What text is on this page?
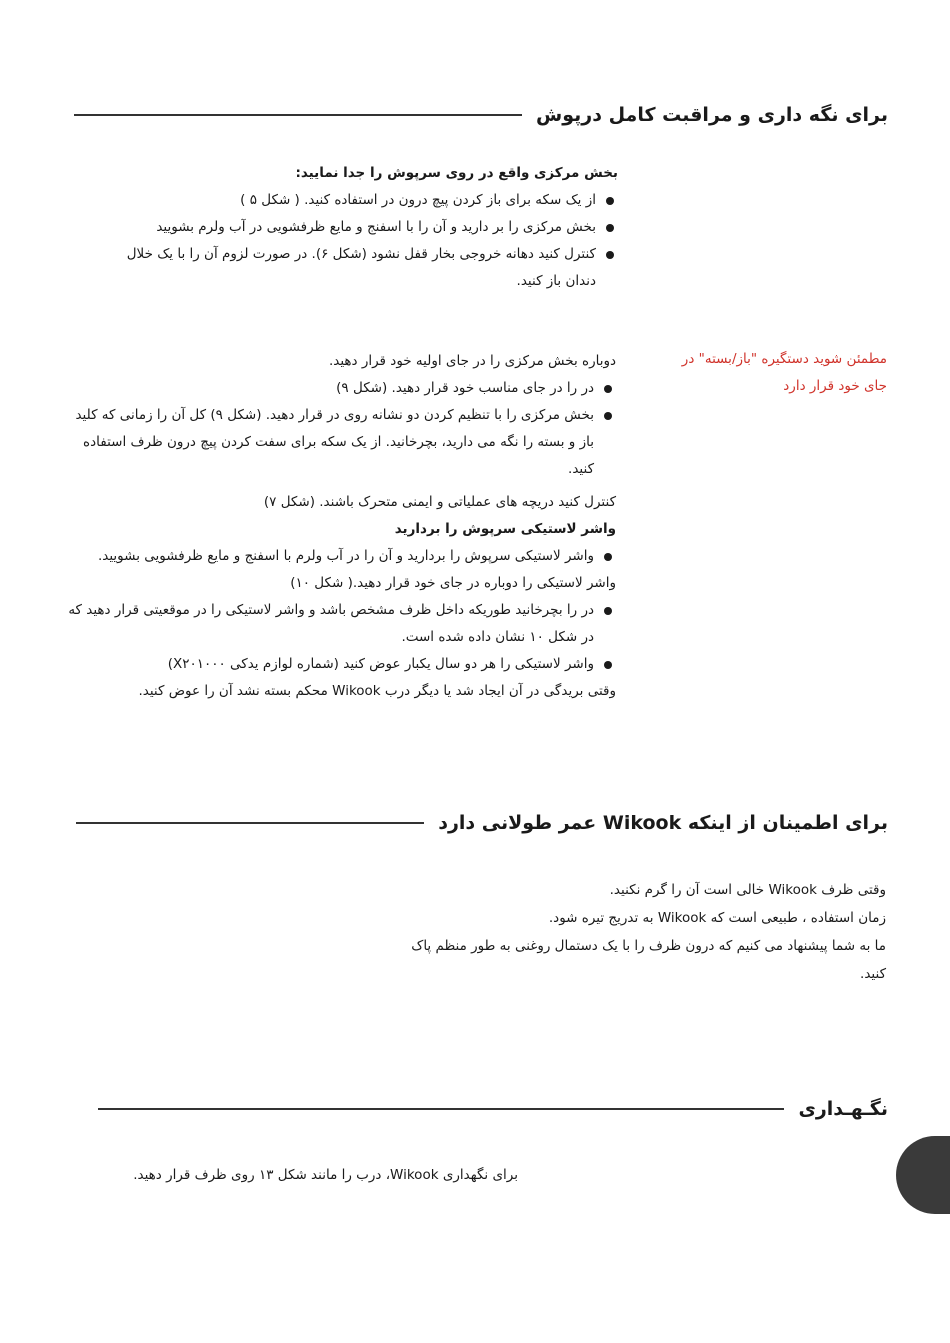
برای نگه داری و مراقبت کامل درپوش

بخش مرکزی واقع در روی سرپوش را جدا نمایید:

از یک سکه برای باز کردن پیچ درون در استفاده کنید. ( شکل ۵ )
بخش مرکزی را بر دارید و آن را با اسفنج و مایع ظرفشویی در آب ولرم بشویید
کنترل کنید دهانه خروجی بخار قفل نشود (شکل ۶). در صورت لزوم آن را با یک خلال دندان باز کنید.
مطمئن شوید دستگیره "باز/بسته" در جای خود قرار دارد

دوباره بخش مرکزی را در جای اولیه خود قرار دهید.

در را در جای مناسب خود قرار دهید. (شکل ۹)
بخش مرکزی را با تنظیم کردن دو نشانه روی در قرار دهید. (شکل ۹) کل آن را زمانی که کلید باز و بسته را نگه می دارید، بچرخانید. از یک سکه برای سفت کردن پیچ درون ظرف استفاده کنید.

کنترل کنید دریچه های عملیاتی و ایمنی متحرک باشند. (شکل ۷)

واشر لاستیکی سرپوش را بردارید

واشر لاستیکی سرپوش را بردارید و آن را در آب ولرم با اسفنج و مایع ظرفشویی بشویید.

واشر لاستیکی را دوباره در جای خود قرار دهید.( شکل ۱۰)

در را بچرخانید طوریکه داخل ظرف مشخص باشد و واشر لاستیکی را در موقعیتی قرار دهید که در شکل ۱۰ نشان داده شده است.
واشر لاستیکی را هر دو سال یکبار عوض کنید (شماره لوازم یدکی X۲۰۱۰۰۰)

وقتی بریدگی در آن ایجاد شد یا دیگر درب Wikook محکم بسته نشد آن را عوض کنید.

برای اطمینان از اینکه Wikook عمر طولانی دارد

وقتی ظرف Wikook خالی است آن را گرم نکنید.

زمان استفاده ، طبیعی است که Wikook به تدریج تیره شود.

ما به شما پیشنهاد می کنیم که درون ظرف را با یک دستمال روغنی به طور منظم پاک کنید.

نگـهـداری

برای نگهداری Wikook، درب را مانند شکل ۱۳ روی ظرف قرار دهید.
